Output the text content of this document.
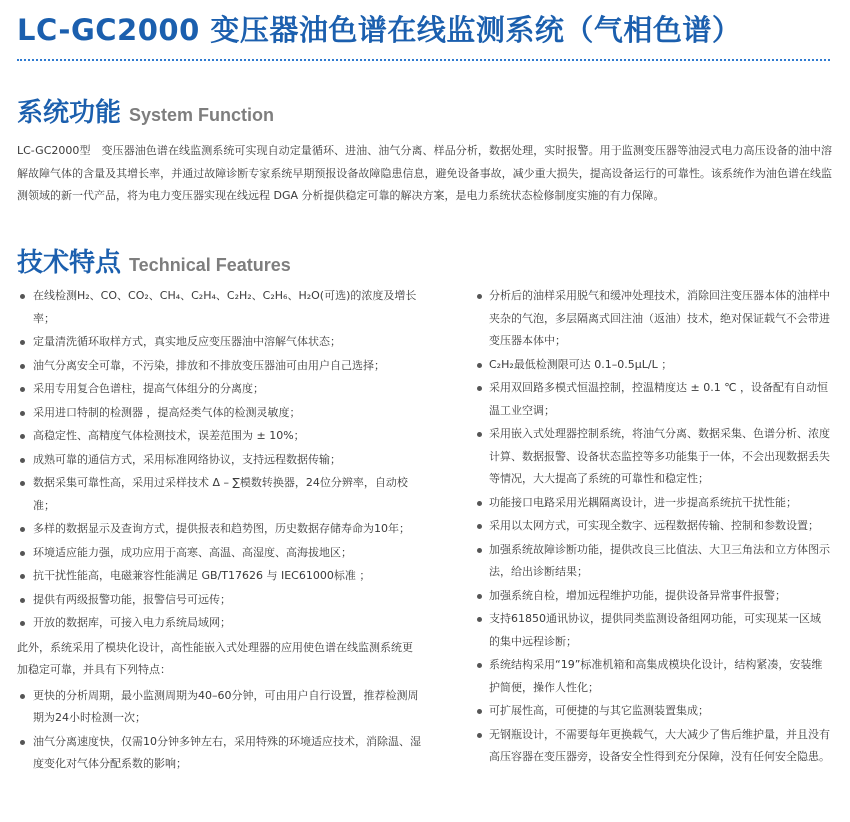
LC-GC2000 变压器油色谱在线监测系统（气相色谱）
系统功能 System Function

LC-GC2000型　变压器油色谱在线监测系统可实现自动定量循环、进油、油气分离、样品分析，数据处理，实时报警。用于监测变压器等油浸式电力高压设备的油中溶解故障气体的含量及其增长率，并通过故障诊断专家系统早期预报设备故障隐患信息，避免设备事故，减少重大损失，提高设备运行的可靠性。该系统作为油色谱在线监测领域的新一代产品，将为电力变压器实现在线远程 DGA 分析提供稳定可靠的解决方案，是电力系统状态检修制度实施的有力保障。

技术特点 Technical Features
在线检测H₂、CO、CO₂、CH₄、C₂H₄、C₂H₂、C₂H₆、H₂O(可选)的浓度及增长率；
定量清洗循环取样方式，真实地反应变压器油中溶解气体状态；
油气分离安全可靠，不污染，排放和不排放变压器油可由用户自己选择；
采用专用复合色谱柱，提高气体组分的分离度；
采用进口特制的检测器 ，提高烃类气体的检测灵敏度；
高稳定性、高精度气体检测技术，误差范围为 ± 10%；
成熟可靠的通信方式，采用标准网络协议，支持远程数据传输；
数据采集可靠性高，采用过采样技术 Δ – ∑模数转换器，24位分辨率，自动校准；
多样的数据显示及查询方式，提供报表和趋势图，历史数据存储寿命为10年；
环境适应能力强，成功应用于高寒、高温、高湿度、高海拔地区；
抗干扰性能高，电磁兼容性能满足 GB/T17626 与 IEC61000标准 ；
提供有两级报警功能，报警信号可远传；
开放的数据库，可接入电力系统局域网；

此外，系统采用了模块化设计，高性能嵌入式处理器的应用使色谱在线监测系统更加稳定可靠，并具有下列特点：

更快的分析周期，最小监测周期为40–60分钟，可由用户自行设置，推荐检测周期为24小时检测一次；
油气分离速度快，仅需10分钟多钟左右，采用特殊的环境适应技术，消除温、湿度变化对气体分配系数的影响；
分析后的油样采用脱气和缓冲处理技术，消除回注变压器本体的油样中夹杂的气泡，多层隔离式回注油（返油）技术，绝对保证载气不会带进变压器本体中；
C₂H₂最低检测限可达 0.1–0.5μL/L ；
采用双回路多模式恒温控制，控温精度达 ± 0.1 ℃ ，设备配有自动恒温工业空调；
采用嵌入式处理器控制系统，将油气分离、数据采集、色谱分析、浓度计算、数据报警、设备状态监控等多功能集于一体，不会出现数据丢失等情况，大大提高了系统的可靠性和稳定性；
功能接口电路采用光耦隔离设计，进一步提高系统抗干扰性能；
采用以太网方式，可实现全数字、远程数据传输、控制和参数设置；
加强系统故障诊断功能，提供改良三比值法、大卫三角法和立方体图示法，给出诊断结果；
加强系统自检，增加远程维护功能，提供设备异常事件报警；
支持61850通讯协议，提供同类监测设备组网功能，可实现某一区域的集中远程诊断；
系统结构采用“19”标准机箱和高集成模块化设计，结构紧凑，安装维护简便，操作人性化；
可扩展性高，可便捷的与其它监测装置集成；
无钢瓶设计，不需要每年更换载气，大大减少了售后维护量，并且没有高压容器在变压器旁，设备安全性得到充分保障，没有任何安全隐患。
